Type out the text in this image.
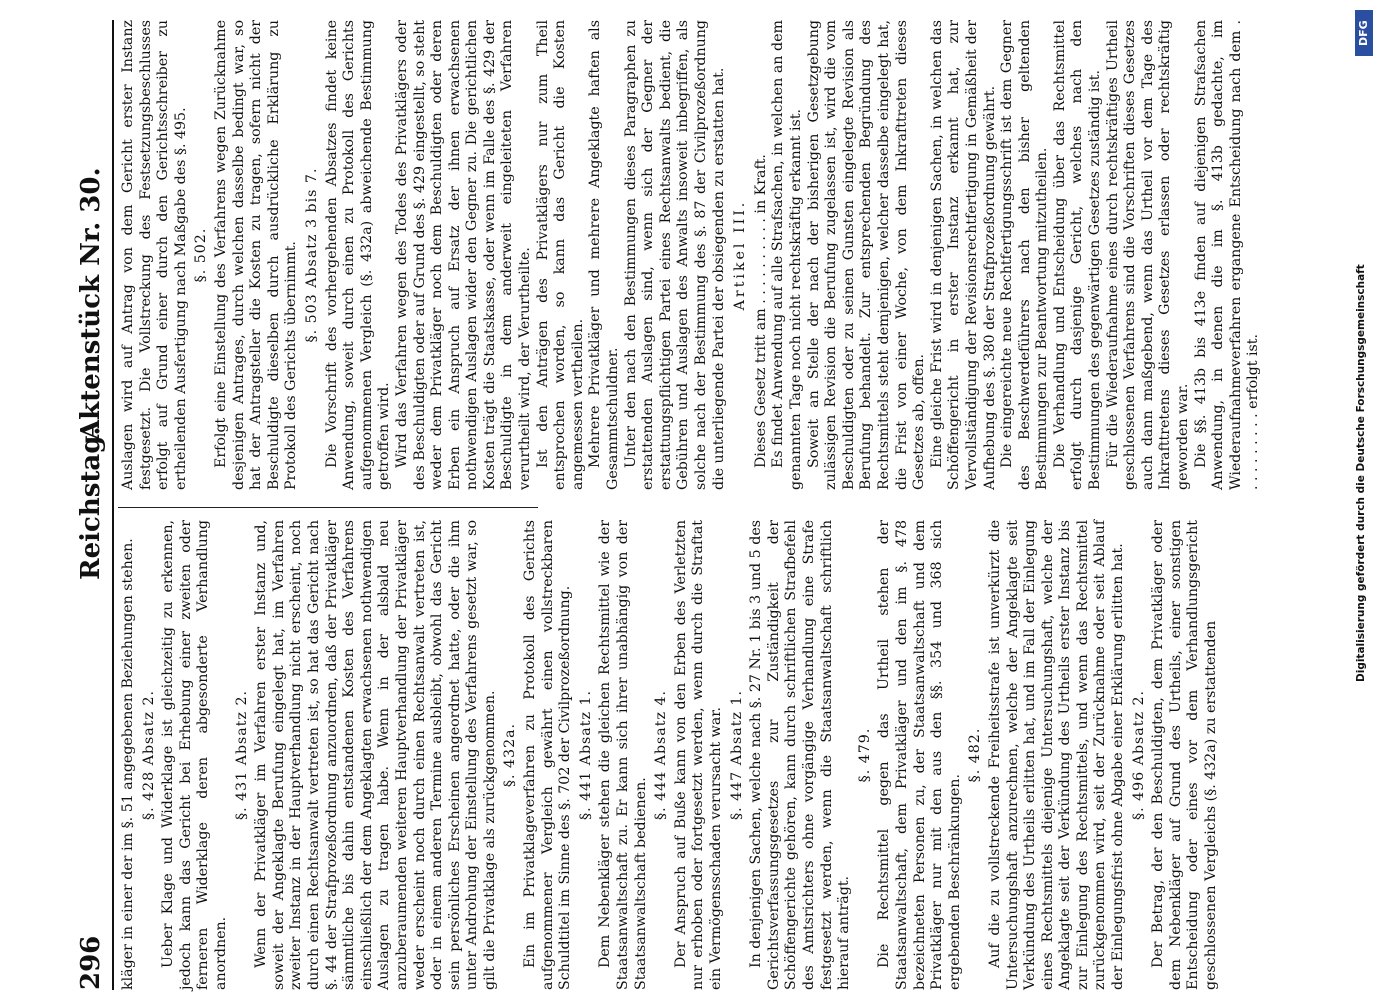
296
Reichstag.
Aktenstück Nr. 30.

kläger in einer der im §. 51 angegebenen Beziehungen stehen. §. 428 Absatz 2. Ueber Klage und Widerklage ist gleichzeitig zu erkennen, jedoch kann das Gericht bei Erhebung einer zweiten oder ferneren Widerklage deren abgesonderte Verhandlung anordnen.

§. 431 Absatz 2. Wenn der Privatkläger im Verfahren erster Instanz und, soweit der Angeklagte Berufung eingelegt hat, im Verfahren zweiter Instanz in der Hauptverhandlung nicht erscheint, noch durch einen Rechtsanwalt vertreten ist, so hat das Gericht nach §. 44 der Strafprozeßordnung anzuordnen, daß der Privatkläger sämmtliche bis dahin entstandenen Kosten des Verfahrens einschließlich der dem Angeklagten erwachsenen nothwendigen Auslagen zu tragen habe. Wenn in der alsbald neu anzuberaumenden weiteren Hauptverhandlung der Privatkläger weder erscheint noch durch einen Rechtsanwalt vertreten ist, oder in einem anderen Termine ausbleibt, obwohl das Gericht sein persönliches Erscheinen angeordnet hatte, oder die ihm unter Androhung der Einstellung des Verfahrens gesetzt war, so gilt die Privatklage als zurückgenommen. §. 432a. Ein im Privatklageverfahren zu Protokoll des Gerichts aufgenommener Vergleich gewährt einen vollstreckbaren Schuldtitel im Sinne des §. 702 der Civilprozeßordnung. §. 441 Absatz 1. Dem Nebenkläger stehen die gleichen Rechtsmittel wie der Staatsanwaltschaft zu. Er kann sich ihrer unabhängig von der Staatsanwaltschaft bedienen.

§. 444 Absatz 4. Der Anspruch auf Buße kann von den Erben des Verletzten nur erhoben oder fortgesetzt werden, wenn durch die Straftat ein Vermögensschaden verursacht war. §. 447 Absatz 1. In denjenigen Sachen, welche nach §. 27 Nr. 1 bis 3 und 5 des Gerichtsverfassungsgesetzes zur Zuständigkeit der Schöffengerichte gehören, kann durch schriftlichen Strafbefehl des Amtsrichters ohne vorgängige Verhandlung eine Strafe festgesetzt werden, wenn die Staatsanwaltschaft schriftlich hierauf anträgt.

§. 479. Die Rechtsmittel gegen das Urtheil stehen der Staatsanwaltschaft, dem Privatkläger und den im §. 478 bezeichneten Personen zu, der Staatsanwaltschaft und dem Privatkläger nur mit den aus den §§. 354 und 368 sich ergebenden Beschränkungen.

§. 482. Auf die zu vollstreckende Freiheitsstrafe ist unverkürzt die Untersuchungshaft anzurechnen, welche der Angeklagte seit Verkündung des Urtheils erlitten hat, und im Fall der Einlegung eines Rechtsmittels diejenige Untersuchungshaft, welche der Angeklagte seit der Verkündung des Urtheils erster Instanz bis zur Einlegung des Rechtsmittels, und wenn das Rechtsmittel zurückgenommen wird, seit der Zurücknahme oder seit Ablauf der Einlegungsfrist ohne Abgabe einer Erklärung erlitten hat. §. 496 Absatz 2. Der Betrag, der den Beschuldigten, dem Privatkläger oder dem Nebenkläger auf Grund des Urtheils, einer sonstigen Entscheidung oder eines vor dem Verhandlungsgericht geschlossenen Vergleichs (§. 432a) zu erstattenden

Auslagen wird auf Antrag von dem Gericht erster Instanz festgesetzt. Die Vollstreckung des Festsetzungsbeschlusses erfolgt auf Grund einer durch den Gerichtsschreiber zu ertheilenden Ausfertigung nach Maßgabe des §. 495. §. 502. Erfolgt eine Einstellung des Verfahrens wegen Zurücknahme desjenigen Antrages, durch welchen dasselbe bedingt war, so hat der Antragsteller die Kosten zu tragen, sofern nicht der Beschuldigte dieselben durch ausdrückliche Erklärung zu Protokoll des Gerichts übernimmt. §. 503 Absatz 3 bis 7. Die Vorschrift des vorhergehenden Absatzes findet keine Anwendung, soweit durch einen zu Protokoll des Gerichts aufgenommenen Vergleich (§. 432a) abweichende Bestimmung getroffen wird. Wird das Verfahren wegen des Todes des Privatklägers oder des Beschuldigten oder auf Grund des §. 429 eingestellt, so steht weder dem Privatkläger noch dem Beschuldigten oder deren Erben ein Anspruch auf Ersatz der ihnen erwachsenen nothwendigen Auslagen wider den Gegner zu. Die gerichtlichen Kosten trägt die Staatskasse, oder wenn im Falle des §. 429 der Beschuldigte in dem anderweit eingeleiteten Verfahren verurtheilt wird, der Verurtheilte. Ist den Anträgen des Privatklägers nur zum Theil entsprochen worden, so kann das Gericht die Kosten angemessen vertheilen. Mehrere Privatkläger und mehrere Angeklagte haften als Gesammtschuldner. Unter den nach den Bestimmungen dieses Paragraphen zu erstattenden Auslagen sind, wenn sich der Gegner der erstattungspflichtigen Partei eines Rechtsanwalts bedient, die Gebühren und Auslagen des Anwalts insoweit inbegriffen, als solche nach der Bestimmung des §. 87 der Civilprozeßordnung die unterliegende Partei der obsiegenden zu erstatten hat. Artikel III. Dieses Gesetz tritt am . . . . . . . . . . in Kraft. Es findet Anwendung auf alle Strafsachen, in welchen an dem genannten Tage noch nicht rechtskräftig erkannt ist. Soweit an Stelle der nach der bisherigen Gesetzgebung zulässigen Revision die Berufung zugelassen ist, wird die vom Beschuldigten oder zu seinen Gunsten eingelegte Revision als Berufung behandelt. Zur entsprechenden Begründung des Rechtsmittels steht demjenigen, welcher dasselbe eingelegt hat, die Frist von einer Woche, von dem Inkrafttreten dieses Gesetzes ab, offen. Eine gleiche Frist wird in denjenigen Sachen, in welchen das Schöffengericht in erster Instanz erkannt hat, zur Vervollständigung der Revisionsrechtfertigung in Gemäßheit der Aufhebung des §. 380 der Strafprozeßordnung gewährt. Die eingereichte neue Rechtfertigungsschrift ist dem Gegner des Beschwerdeführers nach den bisher geltenden Bestimmungen zur Beantwortung mitzutheilen. Die Verhandlung und Entscheidung über das Rechtsmittel erfolgt durch dasjenige Gericht, welches nach den Bestimmungen des gegenwärtigen Gesetzes zuständig ist. Für die Wiederaufnahme eines durch rechtskräftiges Urtheil geschlossenen Verfahrens sind die Vorschriften dieses Gesetzes auch dann maßgebend, wenn das Urtheil vor dem Tage des Inkrafttretens dieses Gesetzes erlassen oder rechtskräftig geworden war. Die §§. 413b bis 413e finden auf diejenigen Strafsachen Anwendung, in denen die im §. 413b gedachte, im Wiederaufnahmeverfahren ergangene Entscheidung nach dem . . . . . . . . . . erfolgt ist.

DFG
Digitalisierung gefördert durch die Deutsche Forschungsgemeinschaft
